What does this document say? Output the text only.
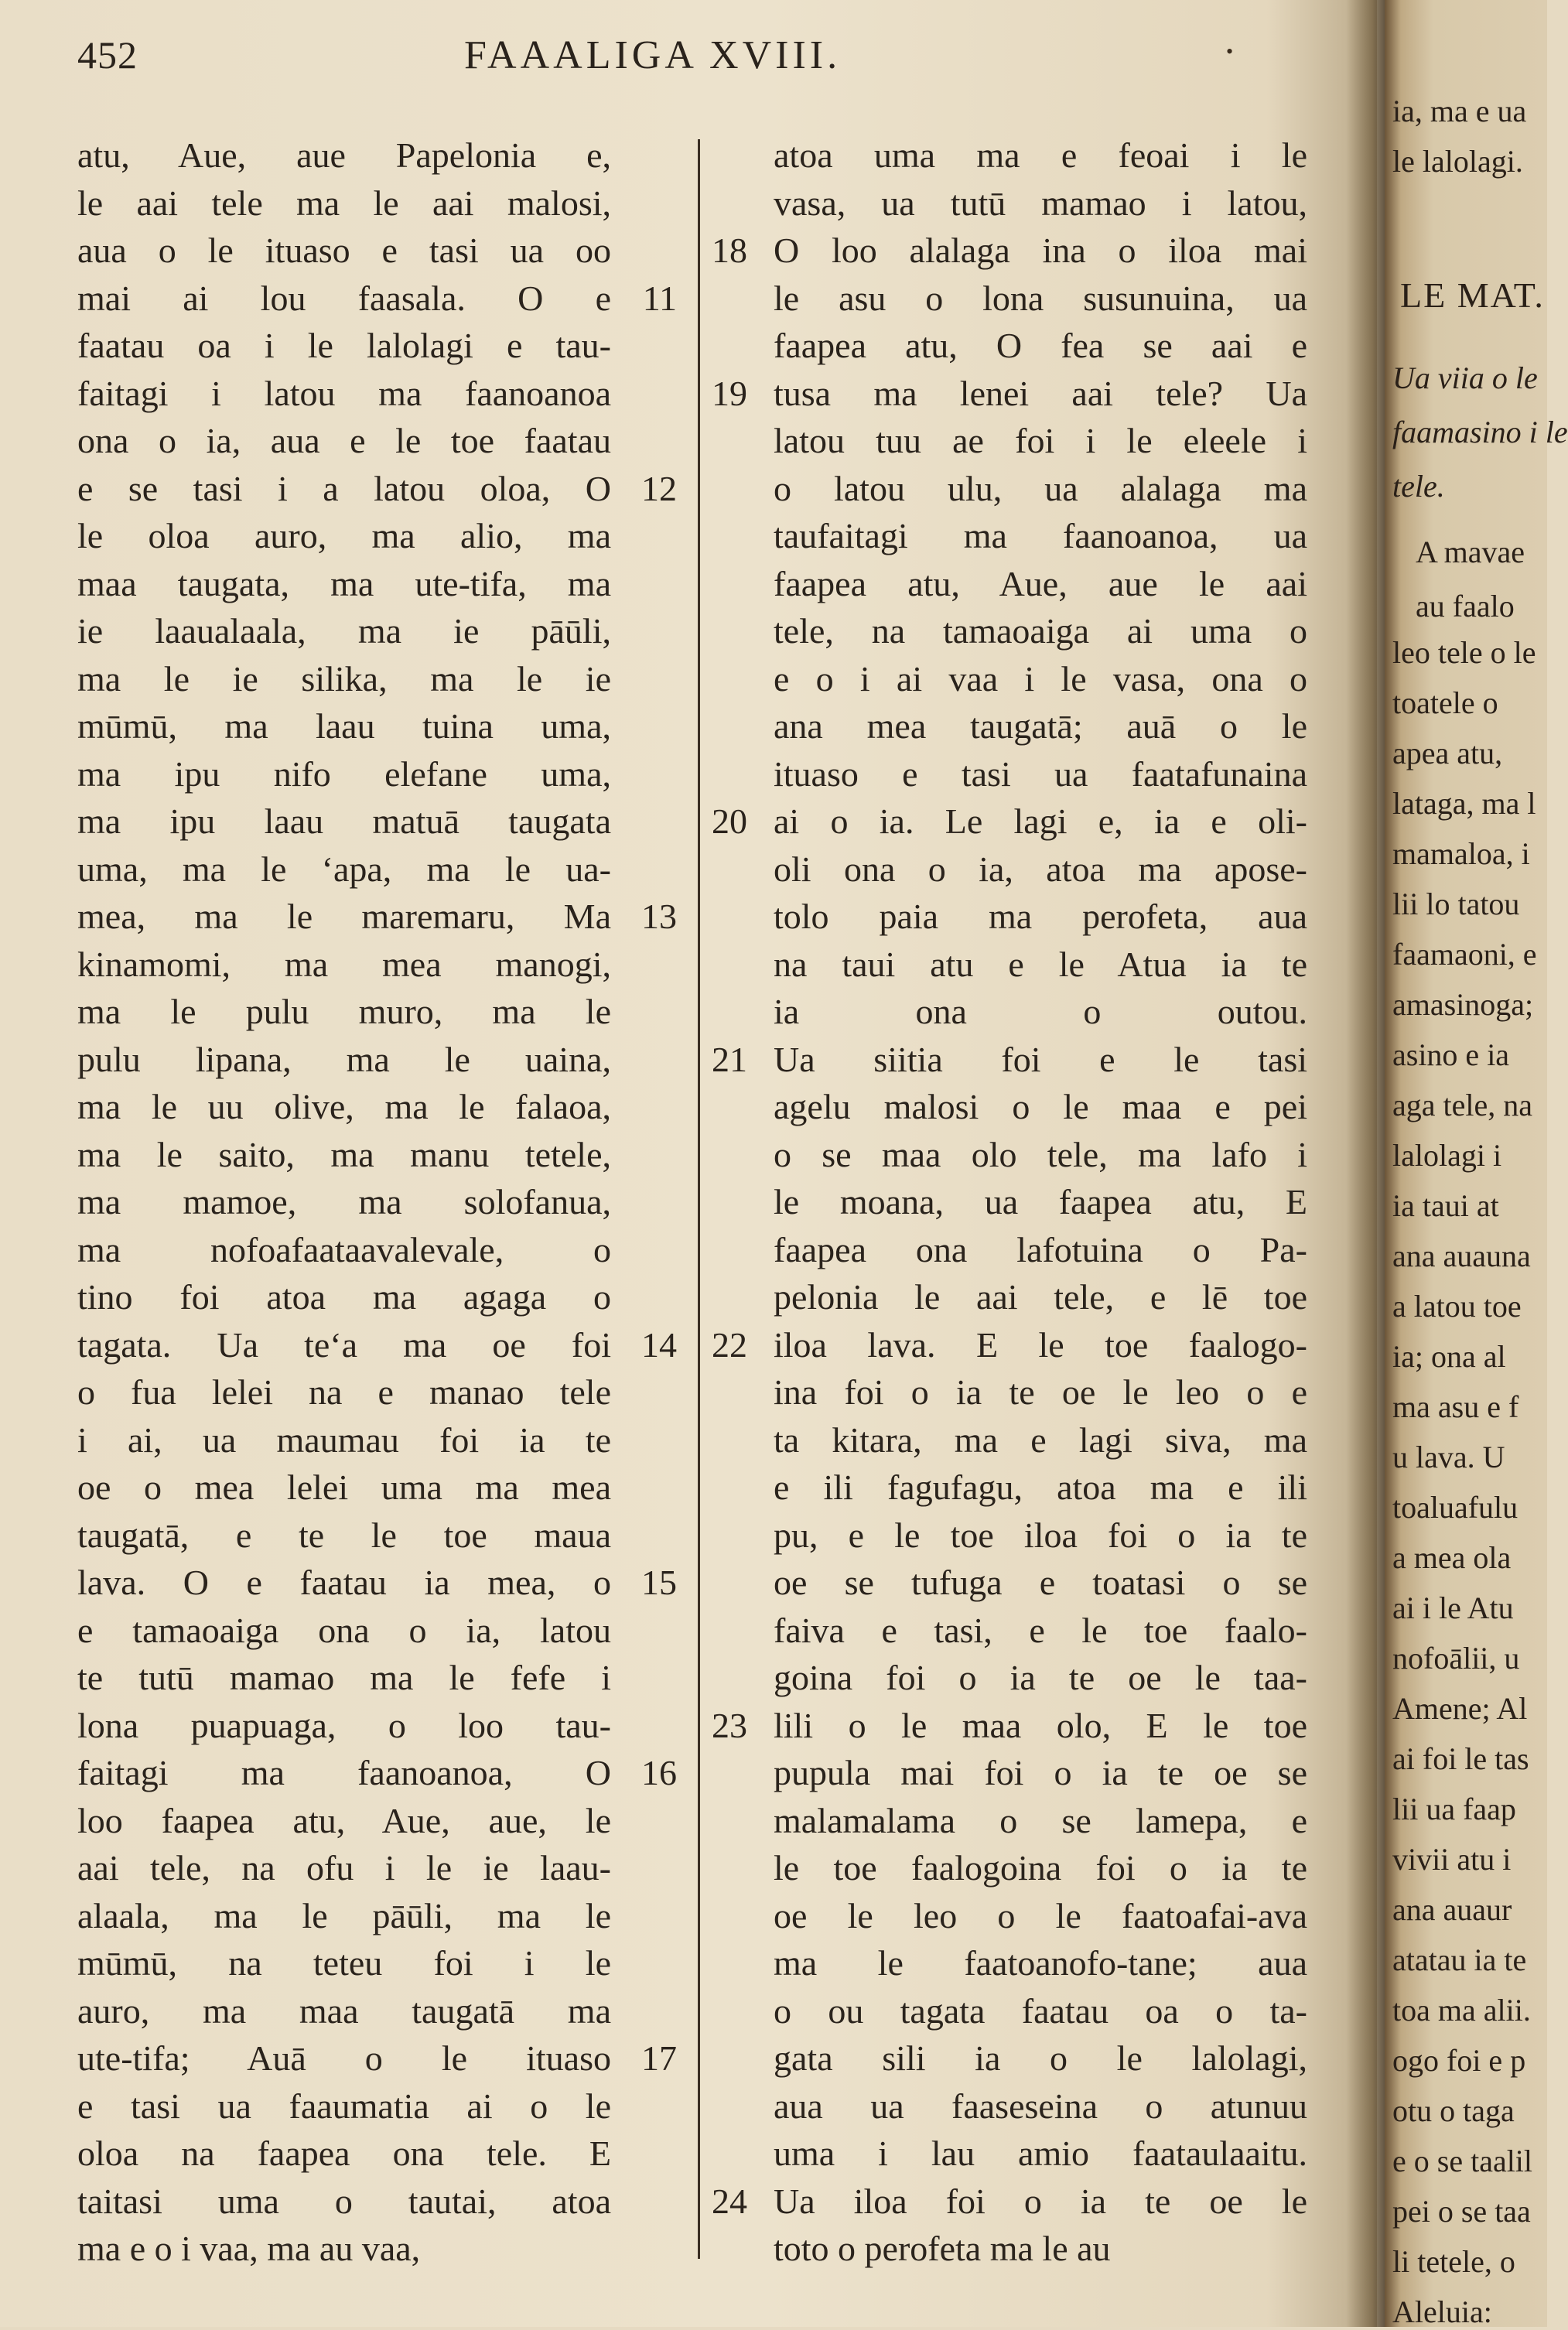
452	FAAALIGA XVIII.	•
atu, Aue, aue Papelonia e,
le aai tele ma le aai malosi,
aua o le ituaso e tasi ua oo
mai ai lou faasala. O e
faatau oa i le lalolagi e tau-
faitagi i latou ma faanoanoa
ona o ia, aua e le toe faatau
e se tasi i a latou oloa, O
le oloa auro, ma alio, ma
maa taugata, ma ute-tifa, ma
ie laaualaala, ma ie pāūli,
ma le ie silika, ma le ie
mūmū, ma laau tuina uma,
ma ipu nifo elefane uma,
ma ipu laau matuā taugata
uma, ma le ʻapa, ma le ua-
mea, ma le maremaru, Ma
kinamomi, ma mea manogi,
ma le pulu muro, ma le
pulu lipana, ma le uaina,
ma le uu olive, ma le falaoa,
ma le saito, ma manu tetele,
ma mamoe, ma solofanua,
ma nofoafaataavalevale, o
tino foi atoa ma agaga o
tagata. Ua teʻa ma oe foi
o fua lelei na e manao tele
i ai, ua maumau foi ia te
oe o mea lelei uma ma mea
taugatā, e te le toe maua
lava. O e faatau ia mea, o
e tamaoaiga ona o ia, latou
te tutū mamao ma le fefe i
lona puapuaga, o loo tau-
faitagi ma faanoanoa, O
loo faapea atu, Aue, aue, le
aai tele, na ofu i le ie laau-
alaala, ma le pāūli, ma le
mūmū, na teteu foi i le
auro, ma maa taugatā ma
ute-tifa; Auā o le ituaso
e tasi ua faaumatia ai o le
oloa na faapea ona tele. E
taitasi uma o tautai, atoa
ma e o i vaa, ma au vaa,
atoa uma ma e feoai i le
vasa, ua tutū mamao i latou,
O loo alalaga ina o iloa mai
le asu o lona susunuina, ua
faapea atu, O fea se aai e
tusa ma lenei aai tele? Ua
latou tuu ae foi i le eleele i
o latou ulu, ua alalaga ma
taufaitagi ma faanoanoa, ua
faapea atu, Aue, aue le aai
tele, na tamaoaiga ai uma o
e o i ai vaa i le vasa, ona o
ana mea taugatā; auā o le
ituaso e tasi ua faatafunaina
ai o ia. Le lagi e, ia e oli-
oli ona o ia, atoa ma apose-
tolo paia ma perofeta, aua
na taui atu e le Atua ia te
ia ona o outou.
Ua siitia foi e le tasi
agelu malosi o le maa e pei
o se maa olo tele, ma lafo i
le moana, ua faapea atu, E
faapea ona lafotuina o Pa-
pelonia le aai tele, e lē toe
iloa lava. E le toe faalogo-
ina foi o ia te oe le leo o e
ta kitara, ma e lagi siva, ma
e ili fagufagu, atoa ma e ili
pu, e le toe iloa foi o ia te
oe se tufuga e toatasi o se
faiva e tasi, e le toe faalo-
goina foi o ia te oe le taa-
lili o le maa olo, E le toe
pupula mai foi o ia te oe se
malamalama o se lamepa, e
le toe faalogoina foi o ia te
oe le leo o le faatoafai-ava
ma le faatoanofo-tane; aua
o ou tagata faatau oa o ta-
gata sili ia o le lalolagi,
aua ua faaseseina o atunuu
uma i lau amio faataulaaitu.
Ua iloa foi o ia te oe le
toto o perofeta ma le au
11
12
13
14
15
16
17
18
19
20
21
22
23
24
ia, ma e ua
le lalolagi.
LE MAT.
Ua viia o le
faamasino i le
tele.
A mavae
au faalo
leo tele o le
toatele o
apea atu,
lataga, ma l
mamaloa, i
lii lo tatou
faamaoni, e
amasinoga;
asino e ia
aga tele, na
lalolagi i
ia taui at
ana auauna
a latou toe
ia; ona al
ma asu e f
u lava. U
toaluafulu
a mea ola
ai i le Atu
nofoālii, u
Amene; Al
ai foi le tas
lii ua faap
vivii atu i
ana auaur
atatau ia te
toa ma alii.
ogo foi e p
otu o taga
e o se taalil
pei o se taa
li tetele, o
Aleluia:
